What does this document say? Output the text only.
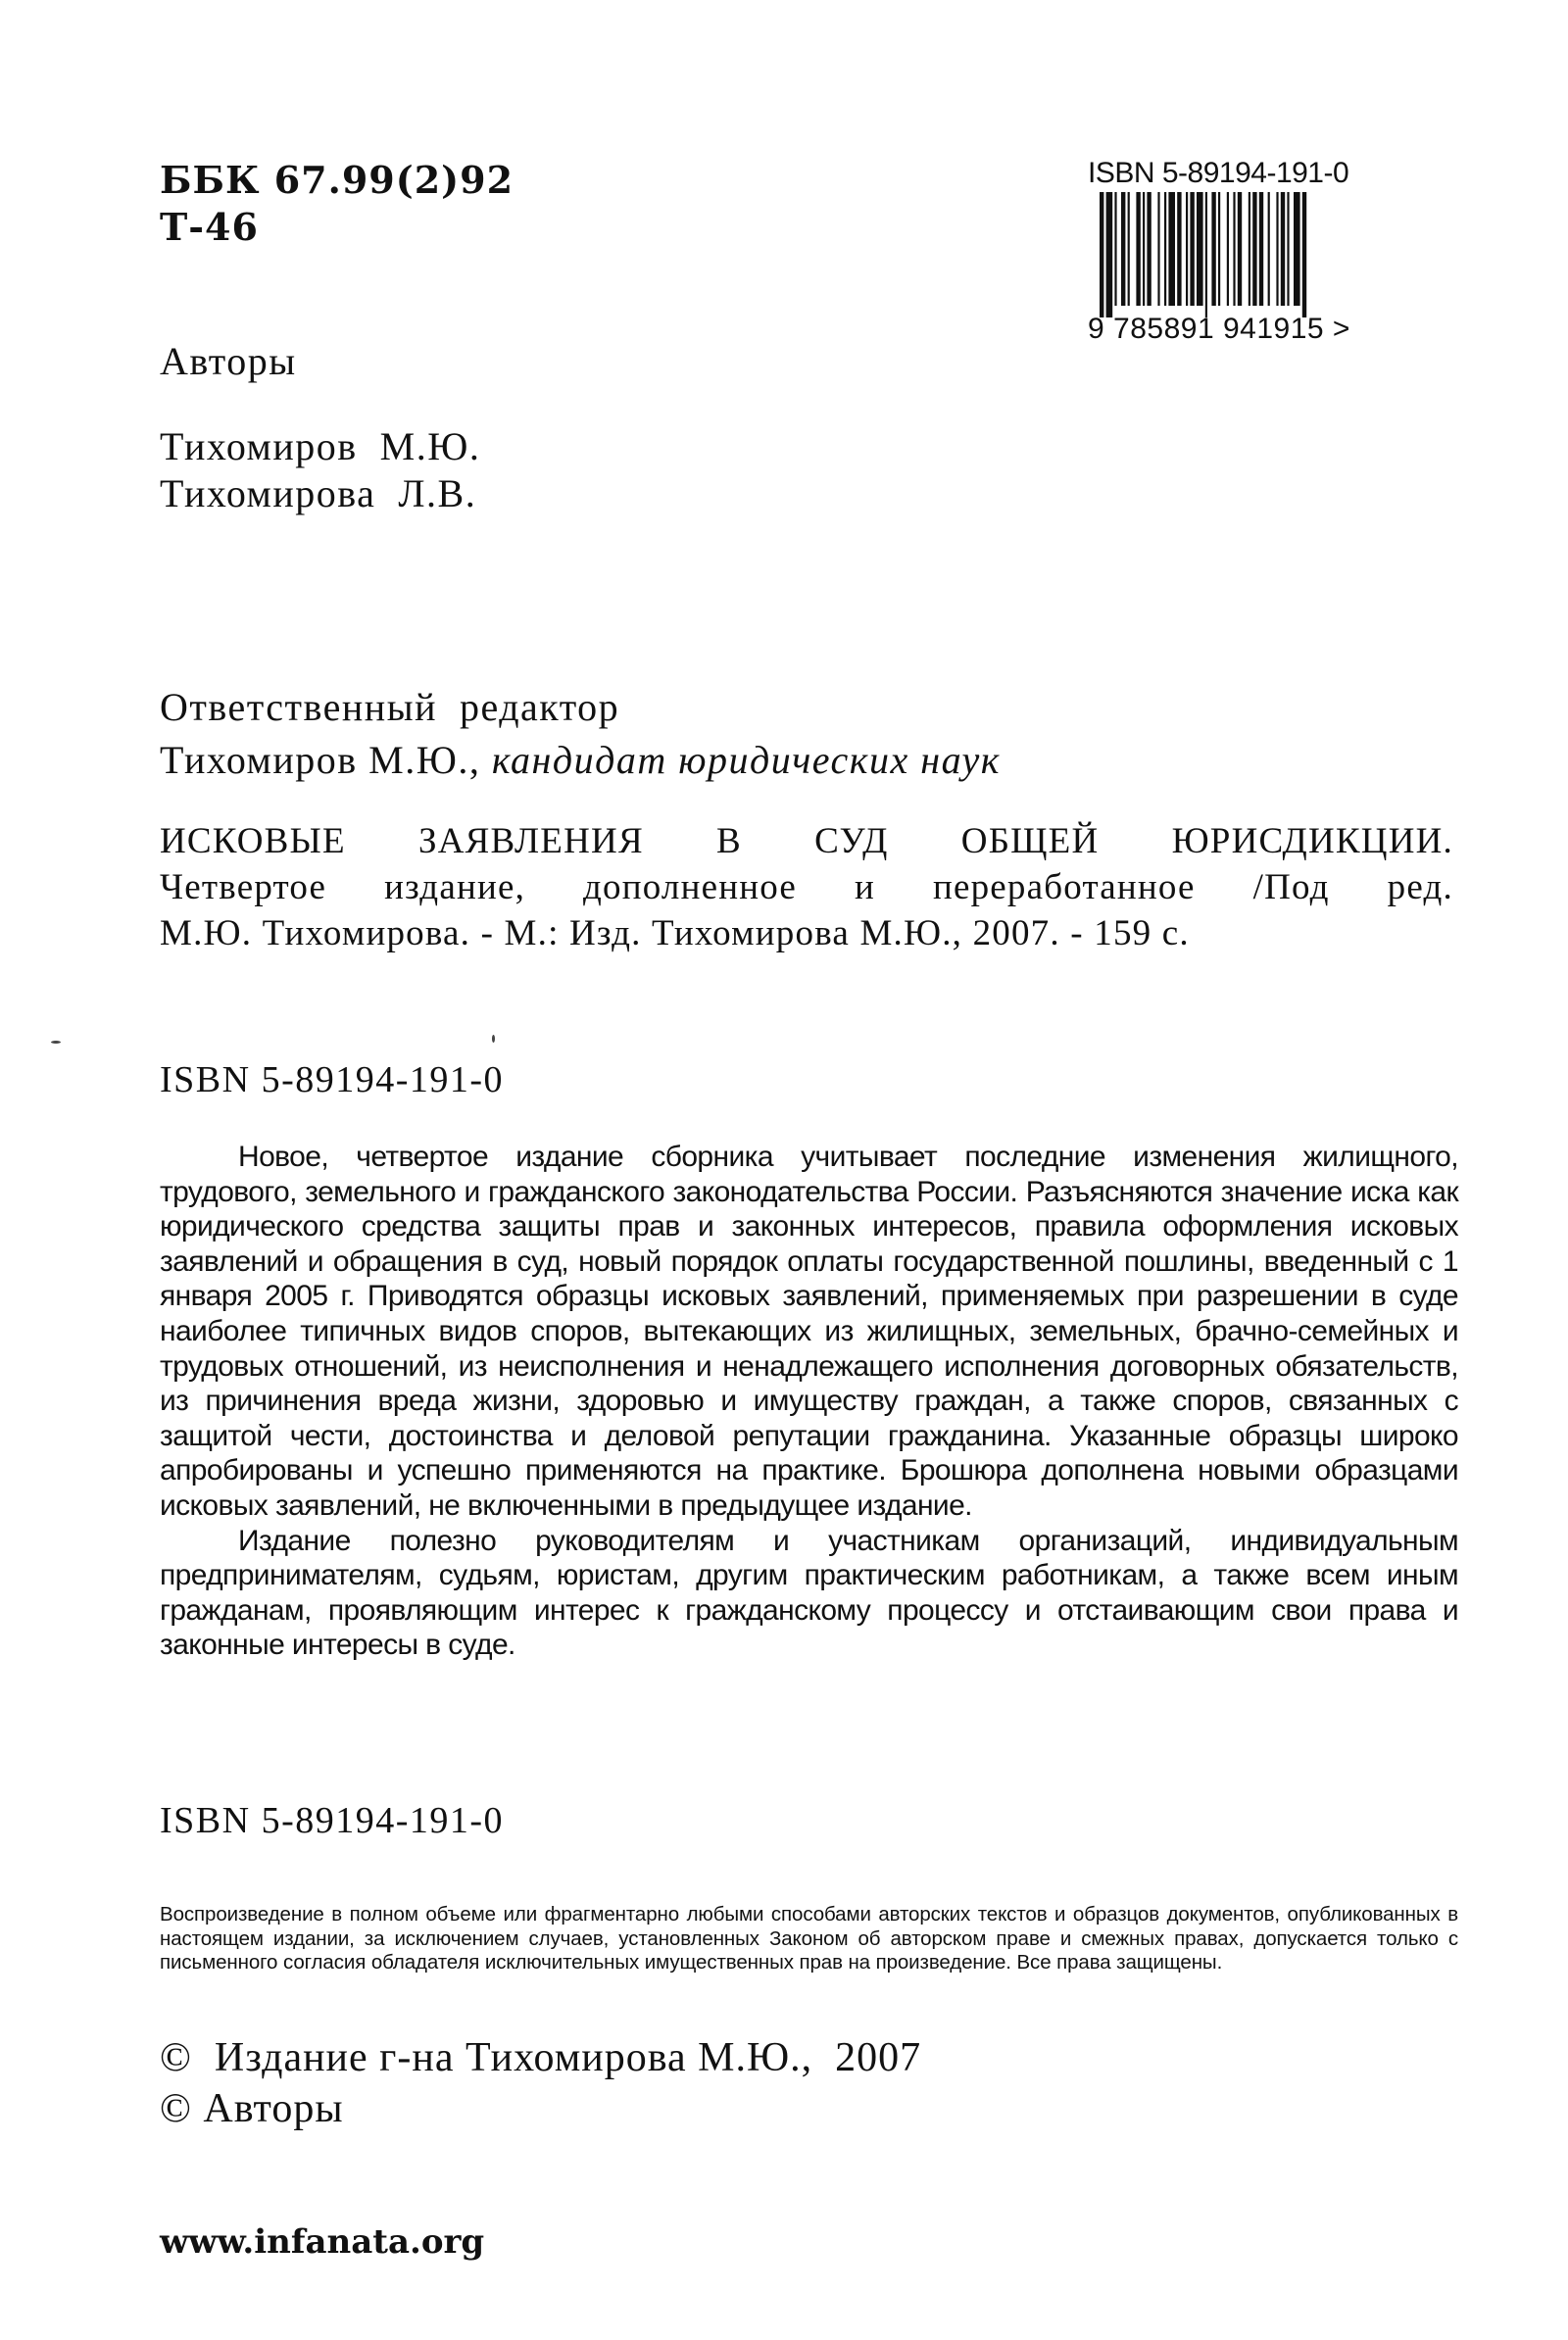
ББК 67.99(2)92
Т-46
ISBN 5-89194-191-0
9 785891 941915 >
Авторы
Тихомиров  М.Ю.
Тихомирова  Л.В.
Ответственный  редактор
Тихомиров М.Ю., кандидат юридических наук
ИСКОВЫЕ ЗАЯВЛЕНИЯ В СУД ОБЩЕЙ ЮРИСДИКЦИИ.
Четвертое издание, дополненное и переработанное /Под ред.
М.Ю. Тихомирова. - М.: Изд. Тихомирова М.Ю., 2007. - 159 с.
ISBN 5-89194-191-0

Новое, четвертое издание сборника учитывает последние изменения жилищного, трудового, земельного и гражданского законодательства России. Разъясняются значение иска как юридического средства защиты прав и законных интересов, правила оформления исковых заявлений и обращения в суд, новый порядок оплаты государственной пошлины, введенный с 1 января 2005 г. Приводятся образцы исковых заявлений, применяемых при разрешении в суде наиболее типичных видов споров, вытекающих из жилищных, земельных, брачно-семейных и трудовых отношений, из неисполнения и ненадлежащего исполнения договорных обязательств, из причинения вреда жизни, здоровью и имуществу граждан, а также споров, связанных с защитой чести, достоинства и деловой репутации гражданина. Указанные образцы широко апробированы и успешно применяются на практике. Брошюра дополнена новыми образцами исковых заявлений, не включенными в предыдущее издание.

Издание полезно руководителям и участникам организаций, индивидуальным предпринимателям, судьям, юристам, другим практическим работникам, а также всем иным гражданам, проявляющим интерес к гражданскому процессу и отстаивающим свои права и законные интересы в суде.

ISBN 5-89194-191-0
Воспроизведение в полном объеме или фрагментарно любыми способами авторских текстов и образцов документов, опубликованных в настоящем издании, за исключением случаев, установленных Законом об авторском праве и смежных правах, допускается только с письменного согласия обладателя исключительных имущественных прав на произведение. Все права защищены.
©  Издание г-на Тихомирова М.Ю.,  2007
© Авторы
www.infanata.org
